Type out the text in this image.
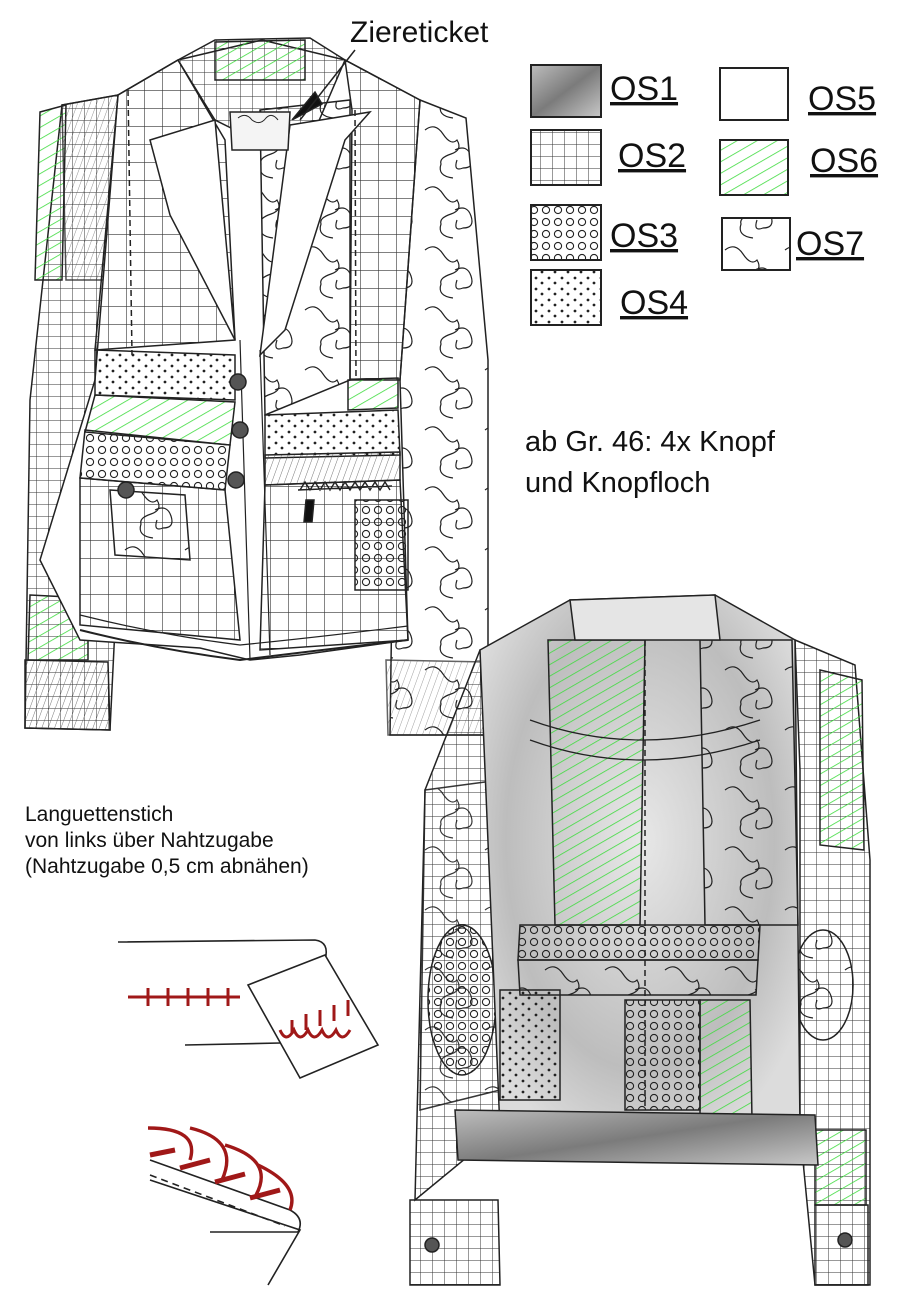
OS1
OS2
OS3
OS4
OS5
OS6
OS7
Ziereticket
ab Gr. 46: 4x Knopf
und Knopfloch
Languettenstich
von links über Nahtzugabe
(Nahtzugabe 0,5 cm abnähen)
